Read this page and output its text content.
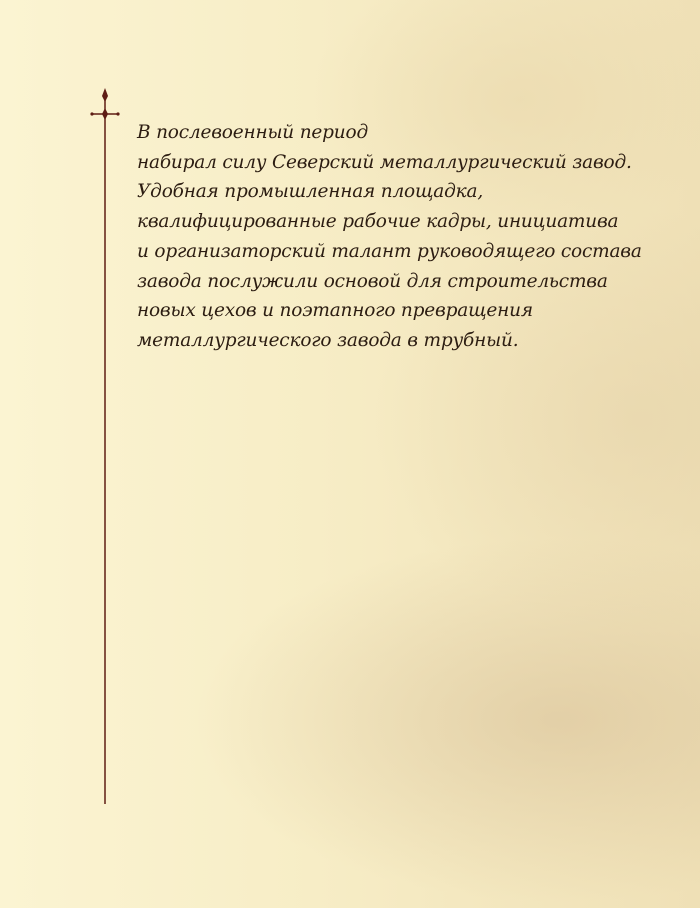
В послевоенный период
набирал силу Северский металлургический завод.
Удобная промышленная площадка,
квалифицированные рабочие кадры, инициатива
и организаторский талант руководящего состава
завода послужили основой для строительства
новых цехов и поэтапного превращения
металлургического завода в трубный.
